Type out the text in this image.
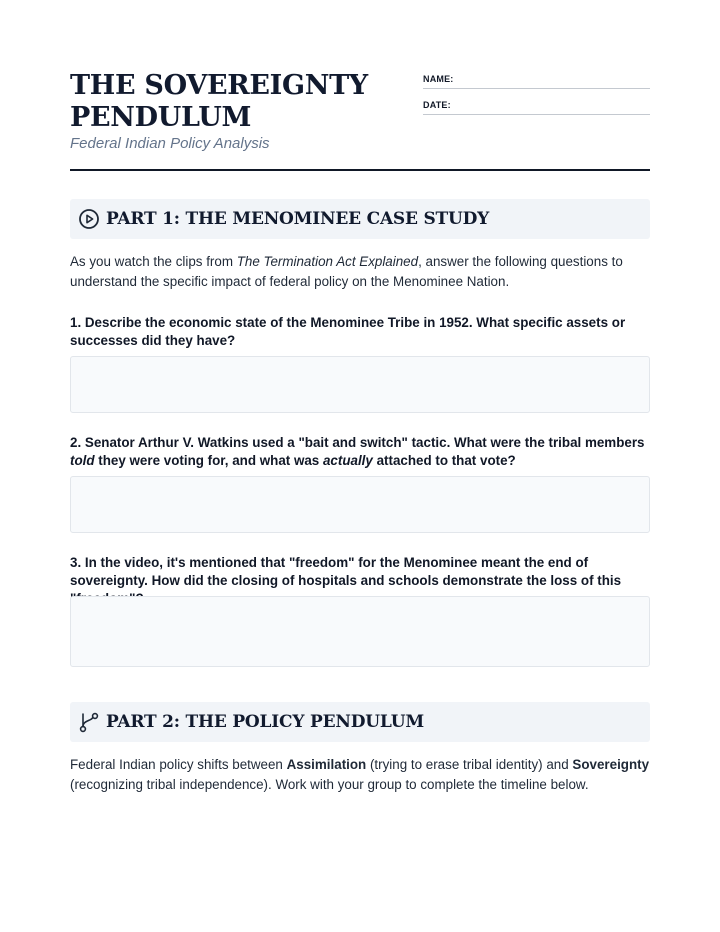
THE SOVEREIGNTY PENDULUM
Federal Indian Policy Analysis
NAME:
DATE:
PART 1: THE MENOMINEE CASE STUDY
As you watch the clips from The Termination Act Explained, answer the following questions to understand the specific impact of federal policy on the Menominee Nation.
1. Describe the economic state of the Menominee Tribe in 1952. What specific assets or successes did they have?
2. Senator Arthur V. Watkins used a "bait and switch" tactic. What were the tribal members told they were voting for, and what was actually attached to that vote?
3. In the video, it's mentioned that "freedom" for the Menominee meant the end of sovereignty. How did the closing of hospitals and schools demonstrate the loss of this
PART 2: THE POLICY PENDULUM
Federal Indian policy shifts between Assimilation (trying to erase tribal identity) and Sovereignty (recognizing tribal independence). Work with your group to complete the timeline below.
